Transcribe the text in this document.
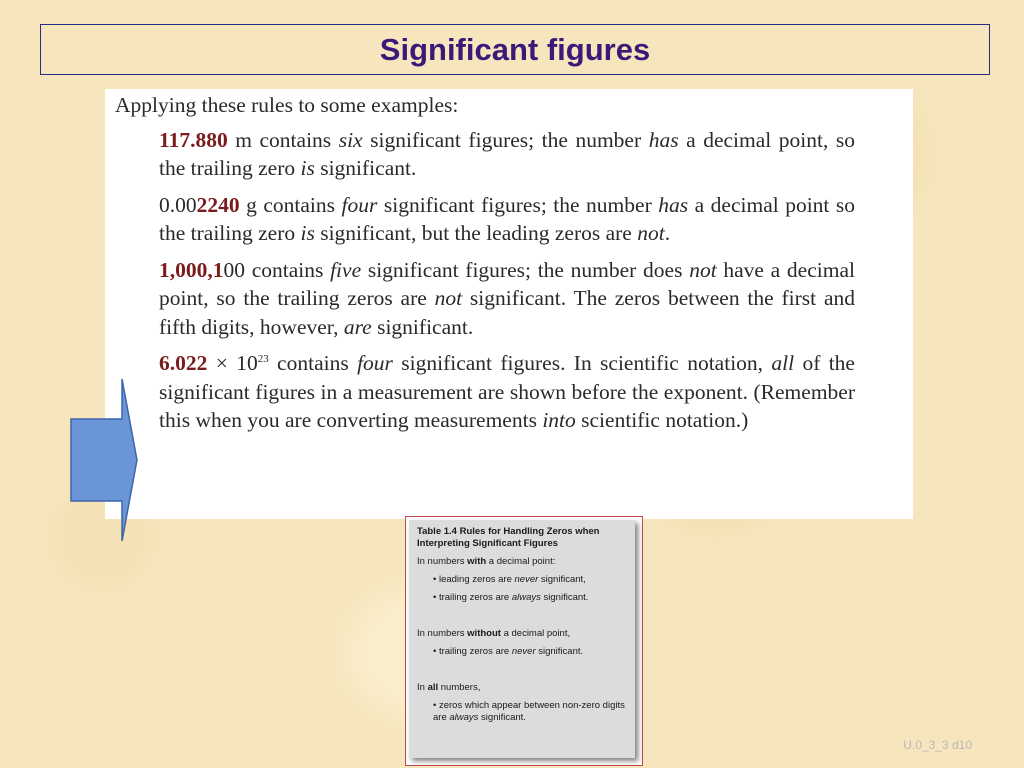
Significant figures

Applying these rules to some examples:

117.880 m contains six significant figures; the number has a decimal point, so the trailing zero is significant.

0.002240 g contains four significant figures; the number has a decimal point so the trailing zero is significant, but the leading zeros are not.

1,000,100 contains five significant figures; the number does not have a decimal point, so the trailing zeros are not significant. The zeros between the first and fifth digits, however, are significant.

$6.022 \times 10^{23}$ contains four significant figures. In scientific notation, all of the significant figures in a measurement are shown before the exponent. (Remember this when you are converting measurements into scientific notation.)

Table 1.4 Rules for Handling Zeros when Interpreting Significant Figures
In numbers with a decimal point:
• leading zeros are never significant,
• trailing zeros are always significant.
In numbers without a decimal point,
• trailing zeros are never significant.
In all numbers,
• zeros which appear between non-zero digits are always significant.
U.0_3_3 d10
